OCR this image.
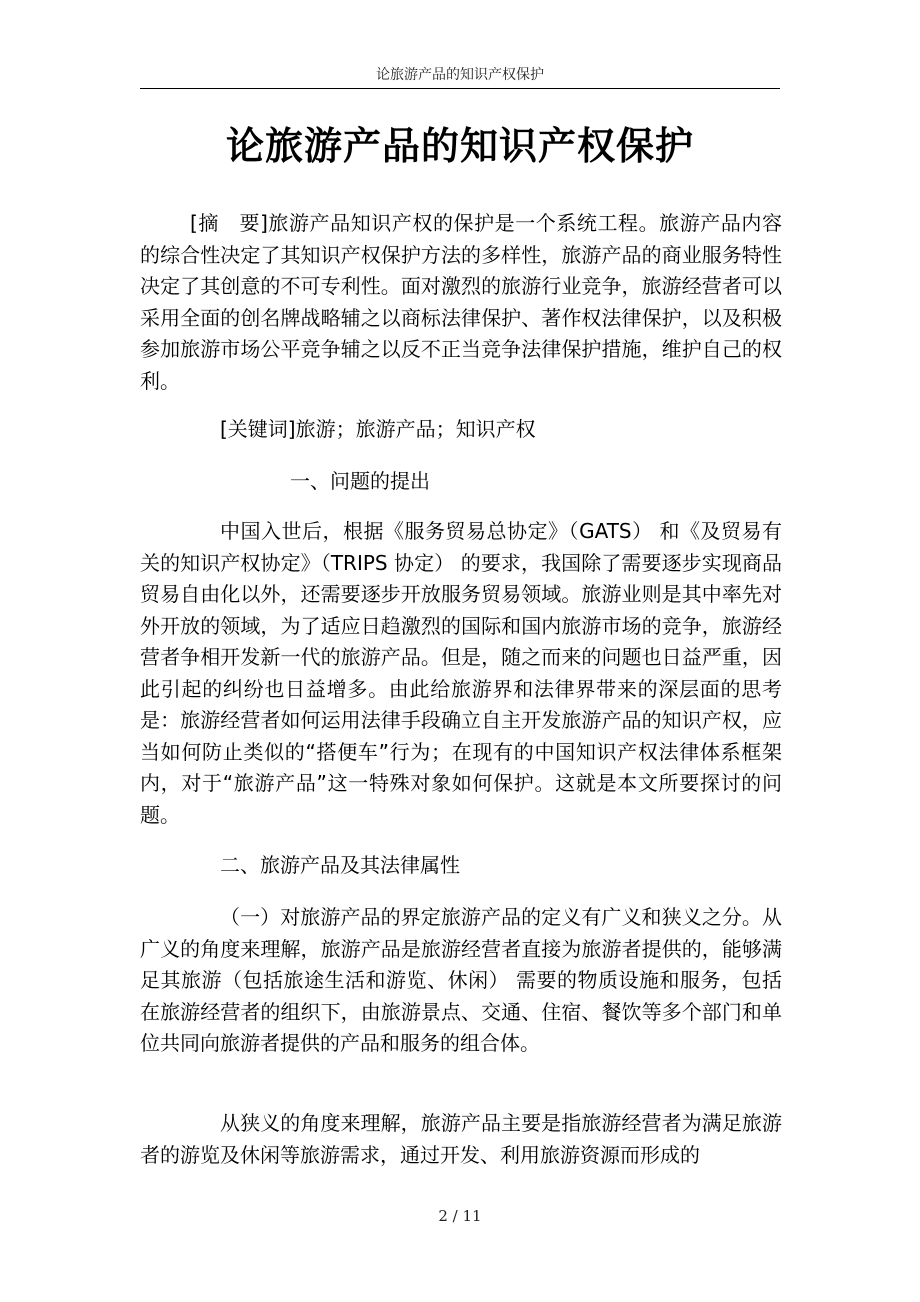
论旅游产品的知识产权保护
论旅游产品的知识产权保护

[摘　要]旅游产品知识产权的保护是一个系统工程。旅游产品内容的综合性决定了其知识产权保护方法的多样性，旅游产品的商业服务特性决定了其创意的不可专利性。面对激烈的旅游行业竞争，旅游经营者可以采用全面的创名牌战略辅之以商标法律保护、著作权法律保护，以及积极参加旅游市场公平竞争辅之以反不正当竞争法律保护措施，维护自己的权利。

[关键词]旅游；旅游产品；知识产权

一、问题的提出

中国入世后，根据《服务贸易总协定》（GATS） 和《及贸易有关的知识产权协定》（TRIPS 协定） 的要求，我国除了需要逐步实现商品贸易自由化以外，还需要逐步开放服务贸易领域。旅游业则是其中率先对外开放的领域，为了适应日趋激烈的国际和国内旅游市场的竞争，旅游经营者争相开发新一代的旅游产品。但是，随之而来的问题也日益严重，因此引起的纠纷也日益增多。由此给旅游界和法律界带来的深层面的思考是：旅游经营者如何运用法律手段确立自主开发旅游产品的知识产权，应当如何防止类似的“搭便车”行为；在现有的中国知识产权法律体系框架内，对于“旅游产品”这一特殊对象如何保护。这就是本文所要探讨的问题。

二、旅游产品及其法律属性

（一）对旅游产品的界定旅游产品的定义有广义和狭义之分。从广义的角度来理解，旅游产品是旅游经营者直接为旅游者提供的，能够满足其旅游（包括旅途生活和游览、休闲） 需要的物质设施和服务，包括在旅游经营者的组织下，由旅游景点、交通、住宿、餐饮等多个部门和单位共同向旅游者提供的产品和服务的组合体。

从狭义的角度来理解，旅游产品主要是指旅游经营者为满足旅游者的游览及休闲等旅游需求，通过开发、利用旅游资源而形成的

2 / 11
